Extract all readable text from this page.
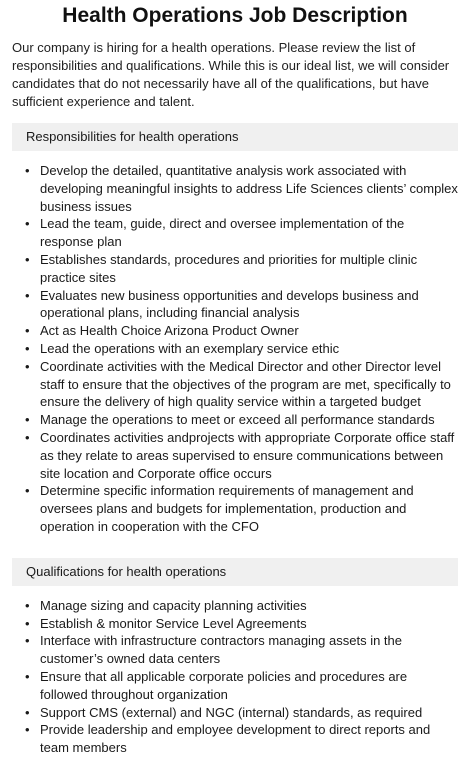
Health Operations Job Description

Our company is hiring for a health operations. Please review the list of responsibilities and qualifications. While this is our ideal list, we will consider candidates that do not necessarily have all of the qualifications, but have sufficient experience and talent.

Responsibilities for health operations
• Develop the detailed, quantitative analysis work associated with developing meaningful insights to address Life Sciences clients’ complex business issues
• Lead the team, guide, direct and oversee implementation of the response plan
• Establishes standards, procedures and priorities for multiple clinic practice sites
• Evaluates new business opportunities and develops business and operational plans, including financial analysis
• Act as Health Choice Arizona Product Owner
• Lead the operations with an exemplary service ethic
• Coordinate activities with the Medical Director and other Director level staff to ensure that the objectives of the program are met, specifically to ensure the delivery of high quality service within a targeted budget
• Manage the operations to meet or exceed all performance standards
• Coordinates activities andprojects with appropriate Corporate office staff as they relate to areas supervised to ensure communications between site location and Corporate office occurs
• Determine specific information requirements of management and oversees plans and budgets for implementation, production and operation in cooperation with the CFO
Qualifications for health operations
• Manage sizing and capacity planning activities
• Establish & monitor Service Level Agreements
• Interface with infrastructure contractors managing assets in the customer’s owned data centers
• Ensure that all applicable corporate policies and procedures are followed throughout organization
• Support CMS (external) and NGC (internal) standards, as required
• Provide leadership and employee development to direct reports and team members
